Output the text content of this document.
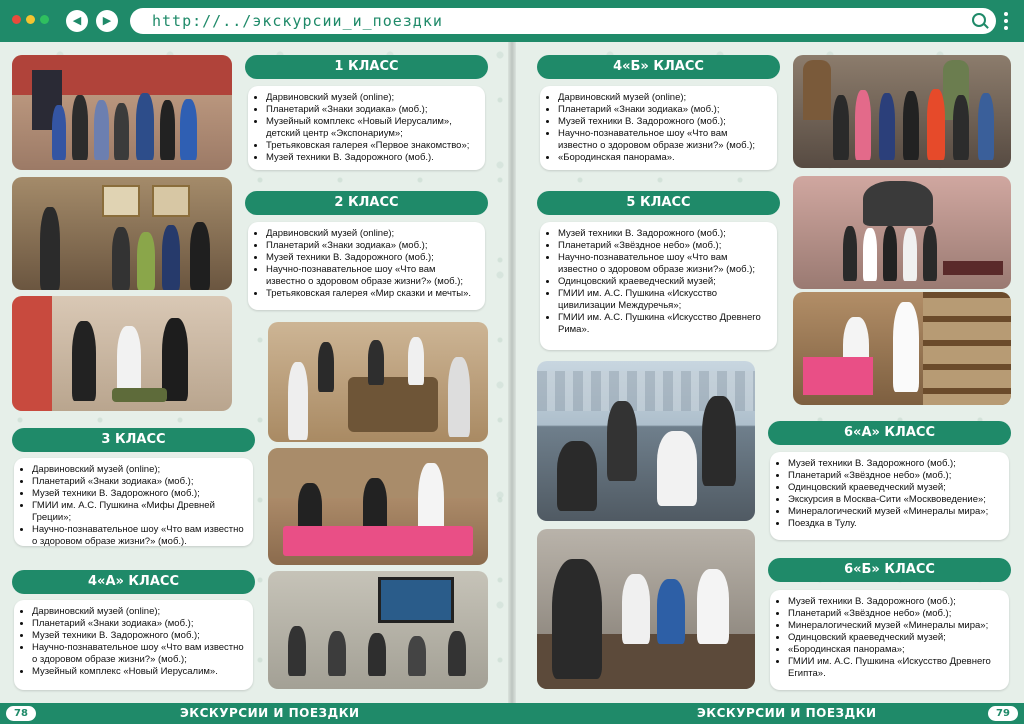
◀	▶	http://../экскурсии_и_поездки
1 КЛАСС
• Дарвиновский музей (online);
• Планетарий «Знаки зодиака» (моб.);
• Музейный комплекс «Новый Иерусалим», детский центр «Экспонариум»;
• Третьяковская галерея «Первое знакомство»;
• Музей техники В. Задорожного (моб.).
2 КЛАСС
• Дарвиновский музей (online);
• Планетарий «Знаки зодиака» (моб.);
• Музей техники В. Задорожного (моб.);
• Научно-познавательное шоу «Что вам известно о здоровом образе жизни?» (моб.);
• Третьяковская галерея «Мир сказки и мечты».
3 КЛАСС
• Дарвиновский музей (online);
• Планетарий «Знаки зодиака» (моб.);
• Музей техники В. Задорожного (моб.);
• ГМИИ им. А.С. Пушкина «Мифы Древней Греции»;
• Научно-познавательное шоу «Что вам известно о здоровом образе жизни?» (моб.).
4«А» КЛАСС
• Дарвиновский музей (online);
• Планетарий «Знаки зодиака» (моб.);
• Музей техники В. Задорожного (моб.);
• Научно-познавательное шоу «Что вам известно о здоровом образе жизни?» (моб.);
• Музейный комплекс «Новый Иерусалим».
4«Б» КЛАСС
• Дарвиновский музей (online);
• Планетарий «Знаки зодиака» (моб.);
• Музей техники В. Задорожного (моб.);
• Научно-познавательное шоу «Что вам известно о здоровом образе жизни?» (моб.);
• «Бородинская панорама».
5 КЛАСС
• Музей техники В. Задорожного (моб.);
• Планетарий «Звёздное небо» (моб.);
• Научно-познавательное шоу «Что вам известно о здоровом образе жизни?» (моб.);
• Одинцовский краеведческий музей;
• ГМИИ им. А.С. Пушкина «Искусство цивилизации Междуречья»;
• ГМИИ им. А.С. Пушкина «Искусство Древнего Рима».
6«А» КЛАСС
• Музей техники В. Задорожного (моб.);
• Планетарий «Звёздное небо» (моб.);
• Одинцовский краеведческий музей;
• Экскурсия в Москва-Сити «Москвоведение»;
• Минералогический музей «Минералы мира»;
• Поездка в Тулу.
6«Б» КЛАСС
• Музей техники В. Задорожного (моб.);
• Планетарий «Звёздное небо» (моб.);
• Минералогический музей «Минералы мира»;
• Одинцовский краеведческий музей;
• «Бородинская панорама»;
• ГМИИ им. А.С. Пушкина «Искусство Древнего Египта».
78	ЭКСКУРСИИ И ПОЕЗДКИ	ЭКСКУРСИИ И ПОЕЗДКИ	79
